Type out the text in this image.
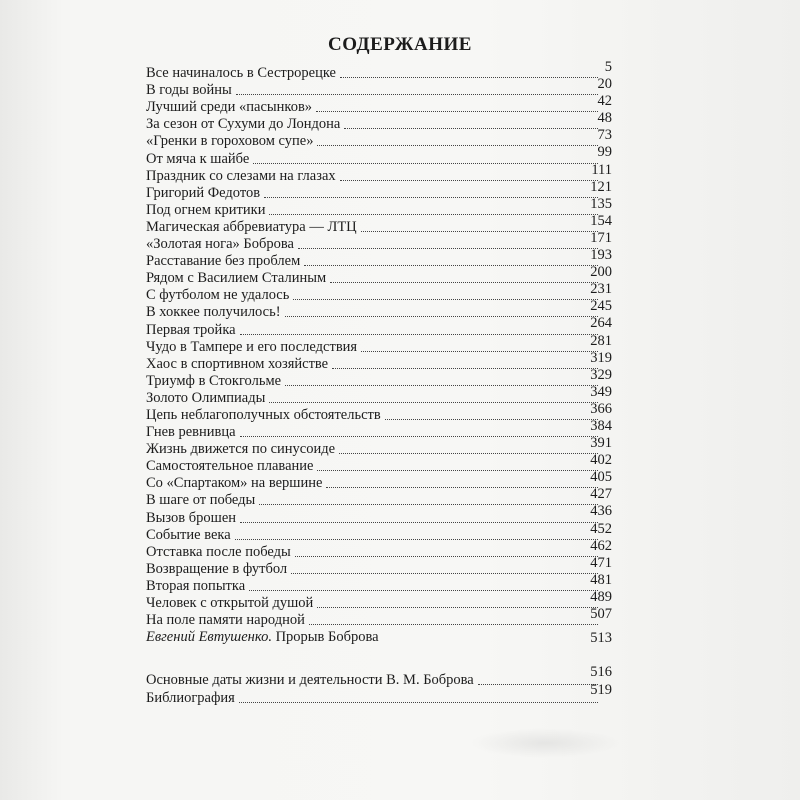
СОДЕРЖАНИЕ
Все начиналось в Сестрорецке	5
В годы войны	20
Лучший среди «пасынков»	42
За сезон от Сухуми до Лондона	48
«Гренки в гороховом супе»	73
От мяча к шайбе	99
Праздник со слезами на глазах	111
Григорий Федотов	121
Под огнем критики	135
Магическая аббревиатура — ЛТЦ	154
«Золотая нога» Боброва	171
Расставание без проблем	193
Рядом с Василием Сталиным	200
С футболом не удалось	231
В хоккее получилось!	245
Первая тройка	264
Чудо в Тампере и его последствия	281
Хаос в спортивном хозяйстве	319
Триумф в Стокгольме	329
Золото Олимпиады	349
Цепь неблагополучных обстоятельств	366
Гнев ревнивца	384
Жизнь движется по синусоиде	391
Самостоятельное плавание	402
Со «Спартаком» на вершине	405
В шаге от победы	427
Вызов брошен	436
Событие века	452
Отставка после победы	462
Возвращение в футбол	471
Вторая попытка	481
Человек с открытой душой	489
На поле памяти народной	507
Евгений Евтушенко. Прорыв Боброва	513
Основные даты жизни и деятельности В. М. Боброва	516
Библиография	519
